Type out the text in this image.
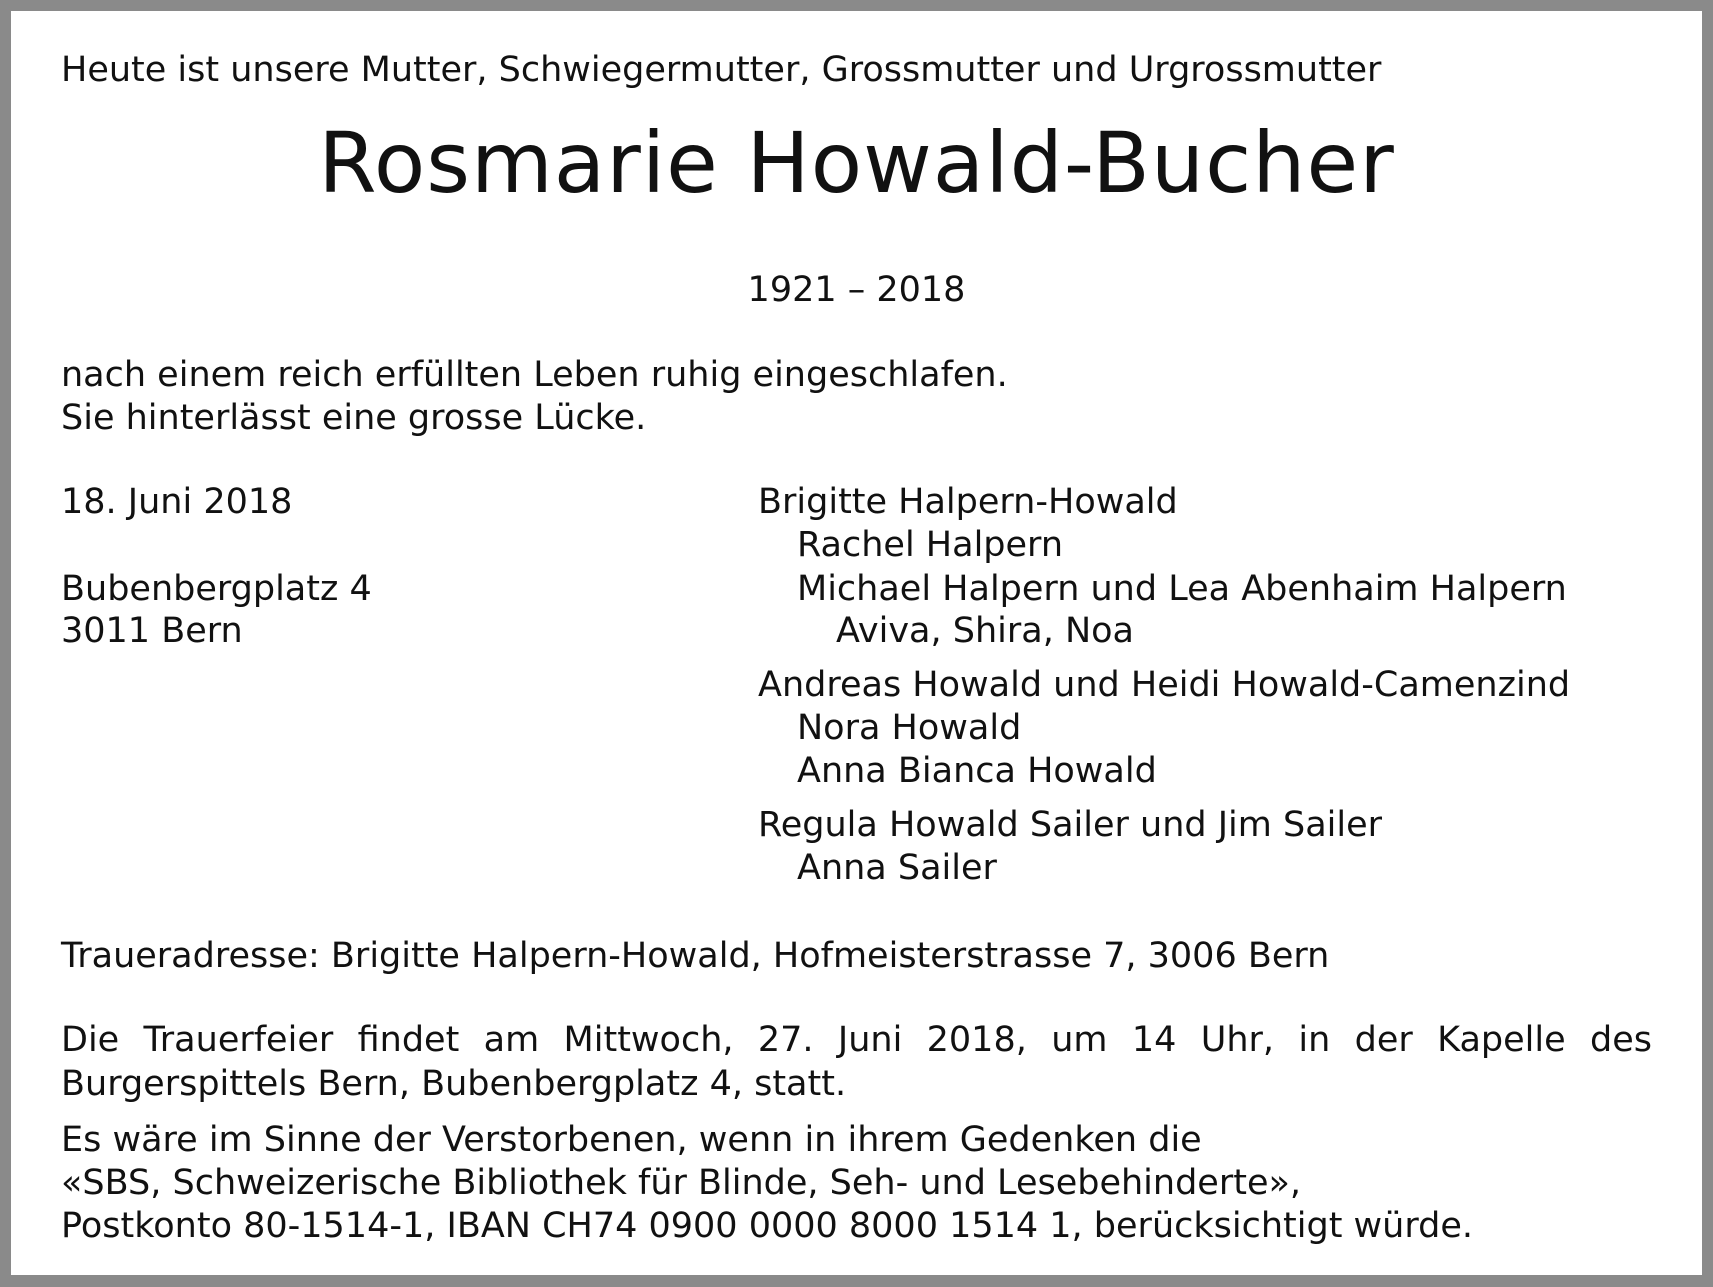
Heute ist unsere Mutter, Schwiegermutter, Grossmutter und Urgrossmutter
Rosmarie Howald-Bucher
1921 – 2018
nach einem reich erfüllten Leben ruhig eingeschlafen.
Sie hinterlässt eine grosse Lücke.
18. Juni 2018
Bubenbergplatz 4
3011 Bern
Brigitte Halpern-Howald
Rachel Halpern
Michael Halpern und Lea Abenhaim Halpern
Aviva, Shira, Noa
Andreas Howald und Heidi Howald-Camenzind
Nora Howald
Anna Bianca Howald
Regula Howald Sailer und Jim Sailer
Anna Sailer
Traueradresse: Brigitte Halpern-Howald, Hofmeisterstrasse 7, 3006 Bern
Die Trauerfeier findet am Mittwoch, 27. Juni 2018, um 14 Uhr, in der Kapelle des Burgerspittels Bern, Bubenbergplatz 4, statt.
Es wäre im Sinne der Verstorbenen, wenn in ihrem Gedenken die
«SBS, Schweizerische Bibliothek für Blinde, Seh- und Lesebehinderte»,
Postkonto 80-1514-1, IBAN CH74 0900 0000 8000 1514 1, berücksichtigt würde.
